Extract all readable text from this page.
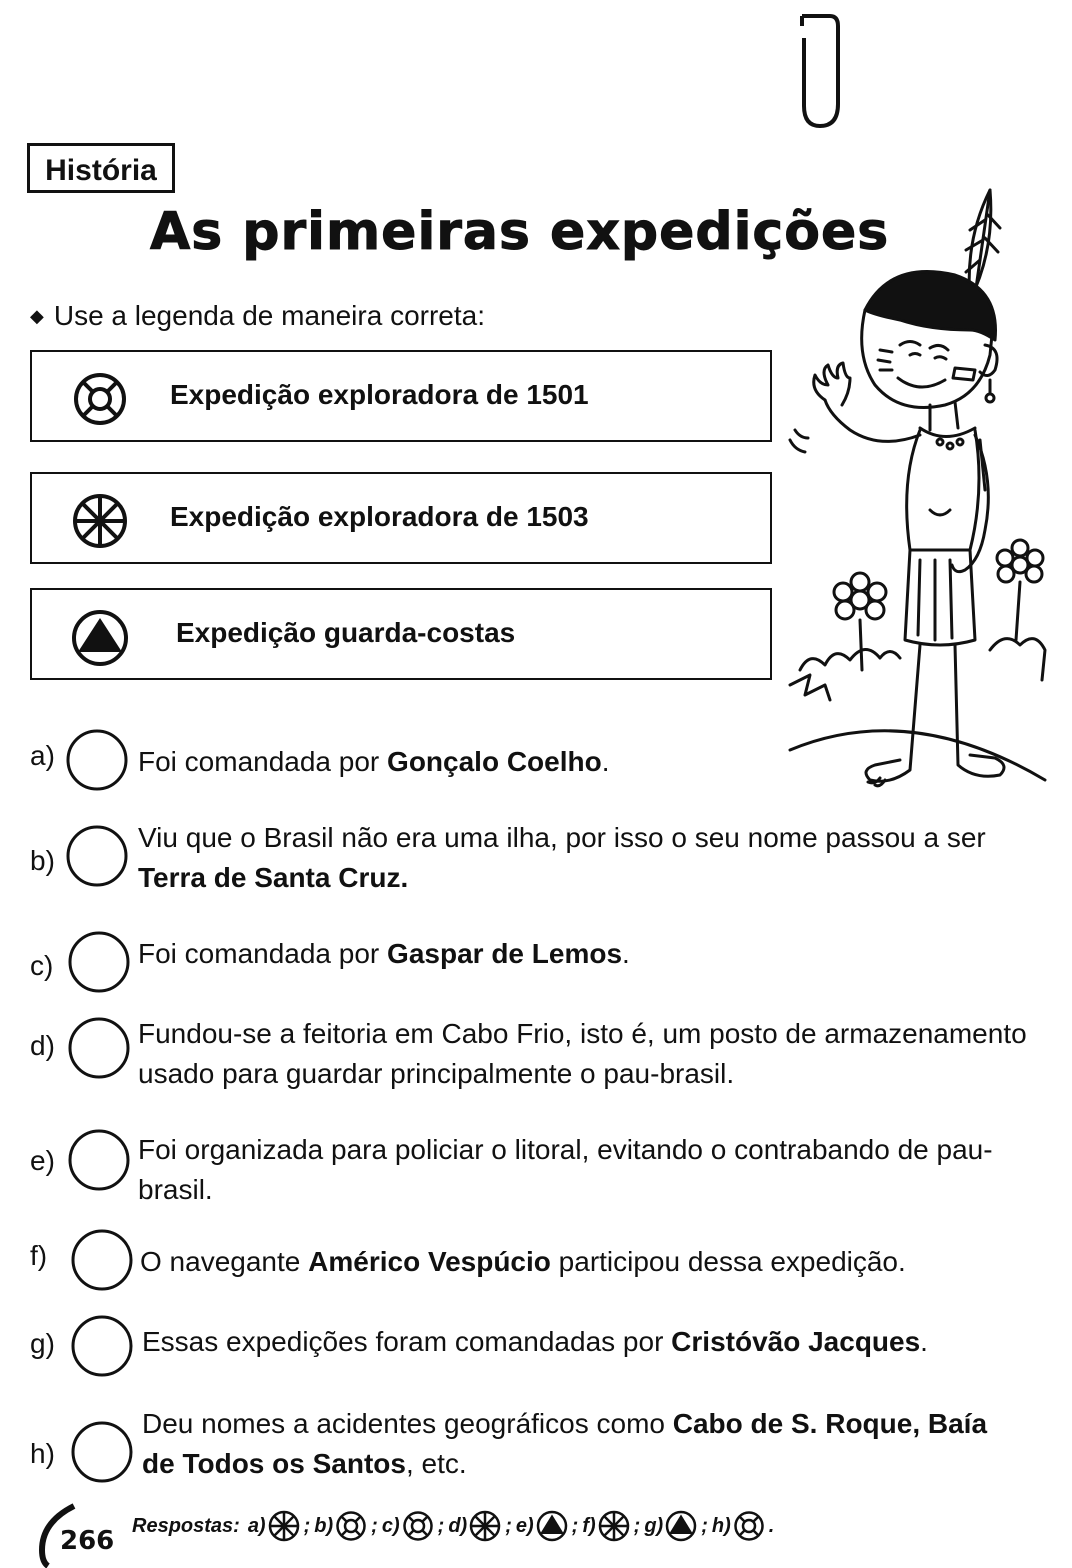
História
As primeiras expedições
◆ Use a legenda de maneira correta:
Expedição exploradora de 1501
Expedição exploradora de 1503
Expedição guarda-costas
a)	Foi comandada por Gonçalo Coelho.
b)
Viu que o Brasil não era uma ilha, por isso o seu nome passou a ser
Terra de Santa Cruz.
c)	Foi comandada por Gaspar de Lemos.
d)	Fundou-se a feitoria em Cabo Frio, isto é, um posto de armazenamento
usado para guardar principalmente o pau-brasil.
e)	Foi organizada para policiar o litoral, evitando o contrabando de pau-
brasil.
f)	O navegante Américo Vespúcio participou dessa expedição.
g)	Essas expedições foram comandadas por Cristóvão Jacques.
h)
Deu nomes a acidentes geográficos como Cabo de S. Roque, Baía
de Todos os Santos, etc.
266
Respostas: a) ; b) ; c) ; d) ; e) ; f) ; g) ; h) .
